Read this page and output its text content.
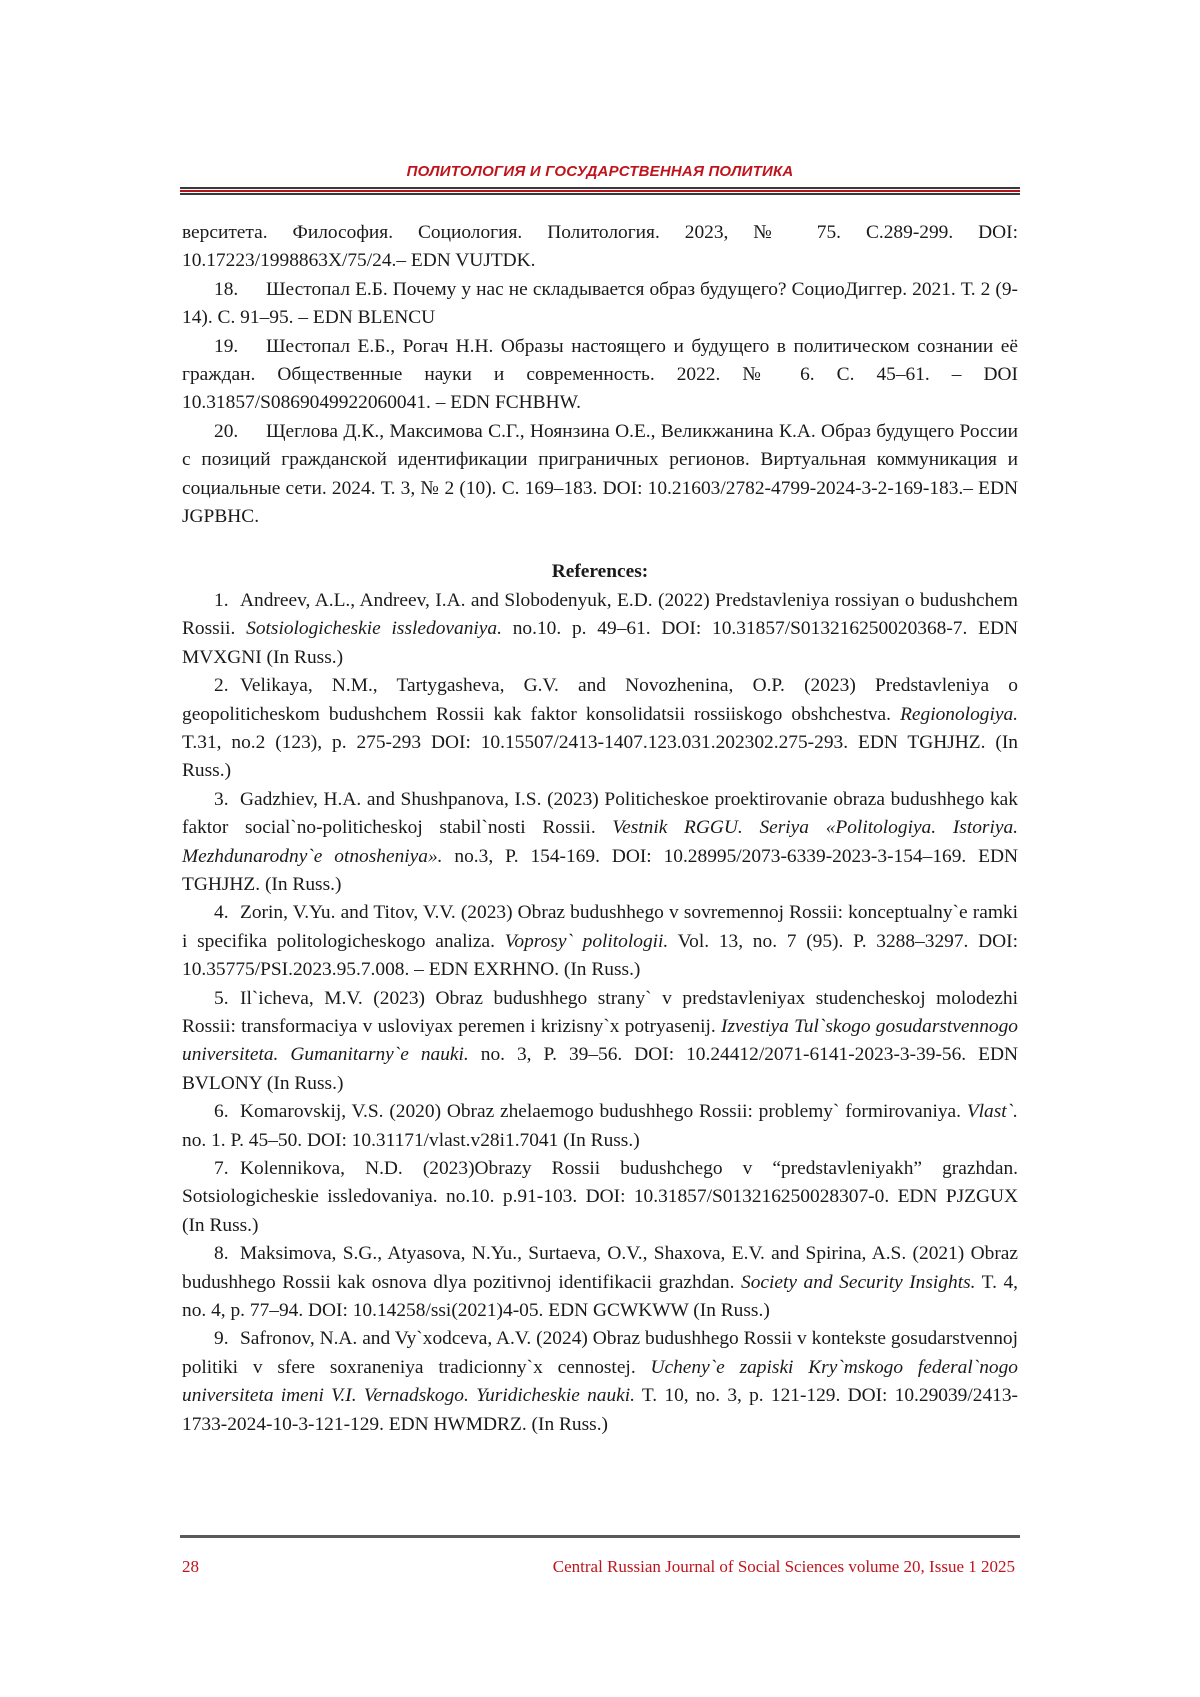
ПОЛИТОЛОГИЯ И ГОСУДАРСТВЕННАЯ ПОЛИТИКА

верситета. Философия. Социология. Политология. 2023, № 75. С.289-299. DOI: 10.17223/1998863Х/75/24.– EDN VUJTDK.

18. Шестопал Е.Б. Почему у нас не складывается образ будущего? СоциоДиггер. 2021. Т. 2 (9-14). С. 91–95. – EDN BLENCU

19. Шестопал Е.Б., Рогач Н.Н. Образы настоящего и будущего в политическом сознании её граждан. Общественные науки и современность. 2022. № 6. С. 45–61. – DOI 10.31857/S0869049922060041. – EDN FCHBHW.

20. Щеглова Д.К., Максимова С.Г., Ноянзина О.Е., Великжанина К.А. Образ будущего России с позиций гражданской идентификации приграничных регионов. Виртуальная коммуникация и социальные сети. 2024. Т. 3, № 2 (10). С. 169–183. DOI: 10.21603/2782-4799-2024-3-2-169-183.– EDN JGPBHC.

References:

1. Andreev, A.L., Andreev, I.A. and Slobodenyuk, E.D. (2022) Predstavleniya rossiyan o budushchem Rossii. Sotsiologicheskie issledovaniya. no.10. p. 49–61. DOI: 10.31857/S013216250020368-7. EDN MVXGNI (In Russ.)

2. Velikaya, N.M., Tartygasheva, G.V. and Novozhenina, O.P. (2023) Predstavleniya o geopoliticheskom budushchem Rossii kak faktor konsolidatsii rossiiskogo obshchestva. Regionologiya. T.31, no.2 (123), p. 275-293 DOI: 10.15507/2413-1407.123.031.202302.275-293. EDN TGHJHZ. (In Russ.)

3. Gadzhiev, H.A. and Shushpanova, I.S. (2023) Politicheskoe proektirovanie obraza budushhego kak faktor social`no-politicheskoj stabil`nosti Rossii. Vestnik RGGU. Seriya «Politologiya. Istoriya. Mezhdunarodny`e otnosheniya». no.3, P. 154-169. DOI: 10.28995/2073-6339-2023-3-154–169. EDN TGHJHZ. (In Russ.)

4. Zorin, V.Yu. and Titov, V.V. (2023) Obraz budushhego v sovremennoj Rossii: konceptualny`e ramki i specifika politologicheskogo analiza. Voprosy` politologii. Vol. 13, no. 7 (95). P. 3288–3297. DOI: 10.35775/PSI.2023.95.7.008. – EDN EXRHNO. (In Russ.)

5. Il`icheva, M.V. (2023) Obraz budushhego strany` v predstavleniyax studencheskoj molodezhi Rossii: transformaciya v usloviyax peremen i krizisny`x potryasenij. Izvestiya Tul`skogo gosudarstvennogo universiteta. Gumanitarny`e nauki. no. 3, P. 39–56. DOI: 10.24412/2071-6141-2023-3-39-56. EDN BVLONY (In Russ.)

6. Komarovskij, V.S. (2020) Obraz zhelaemogo budushhego Rossii: problemy` formirovaniya. Vlast`. no. 1. P. 45–50. DOI: 10.31171/vlast.v28i1.7041 (In Russ.)

7. Kolennikova, N.D. (2023)Obrazy Rossii budushchego v “predstavleniyakh” grazhdan. Sotsiologicheskie issledovaniya. no.10. p.91-103. DOI: 10.31857/S013216250028307-0. EDN PJZGUX (In Russ.)

8. Maksimova, S.G., Atyasova, N.Yu., Surtaeva, O.V., Shaxova, E.V. and Spirina, A.S. (2021) Obraz budushhego Rossii kak osnova dlya pozitivnoj identifikacii grazhdan. Society and Security Insights. T. 4, no. 4, p. 77–94. DOI: 10.14258/ssi(2021)4-05. EDN GCWKWW (In Russ.)

9. Safronov, N.A. and Vy`xodceva, A.V. (2024) Obraz budushhego Rossii v kontekste gosudarstvennoj politiki v sfere soxraneniya tradicionny`x cennostej. Ucheny`e zapiski Kry`mskogo federal`nogo universiteta imeni V.I. Vernadskogo. Yuridicheskie nauki. T. 10, no. 3, p. 121-129. DOI: 10.29039/2413-1733-2024-10-3-121-129. EDN HWMDRZ. (In Russ.)

28	Central Russian Journal of Social Sciences volume 20, Issue 1 2025
